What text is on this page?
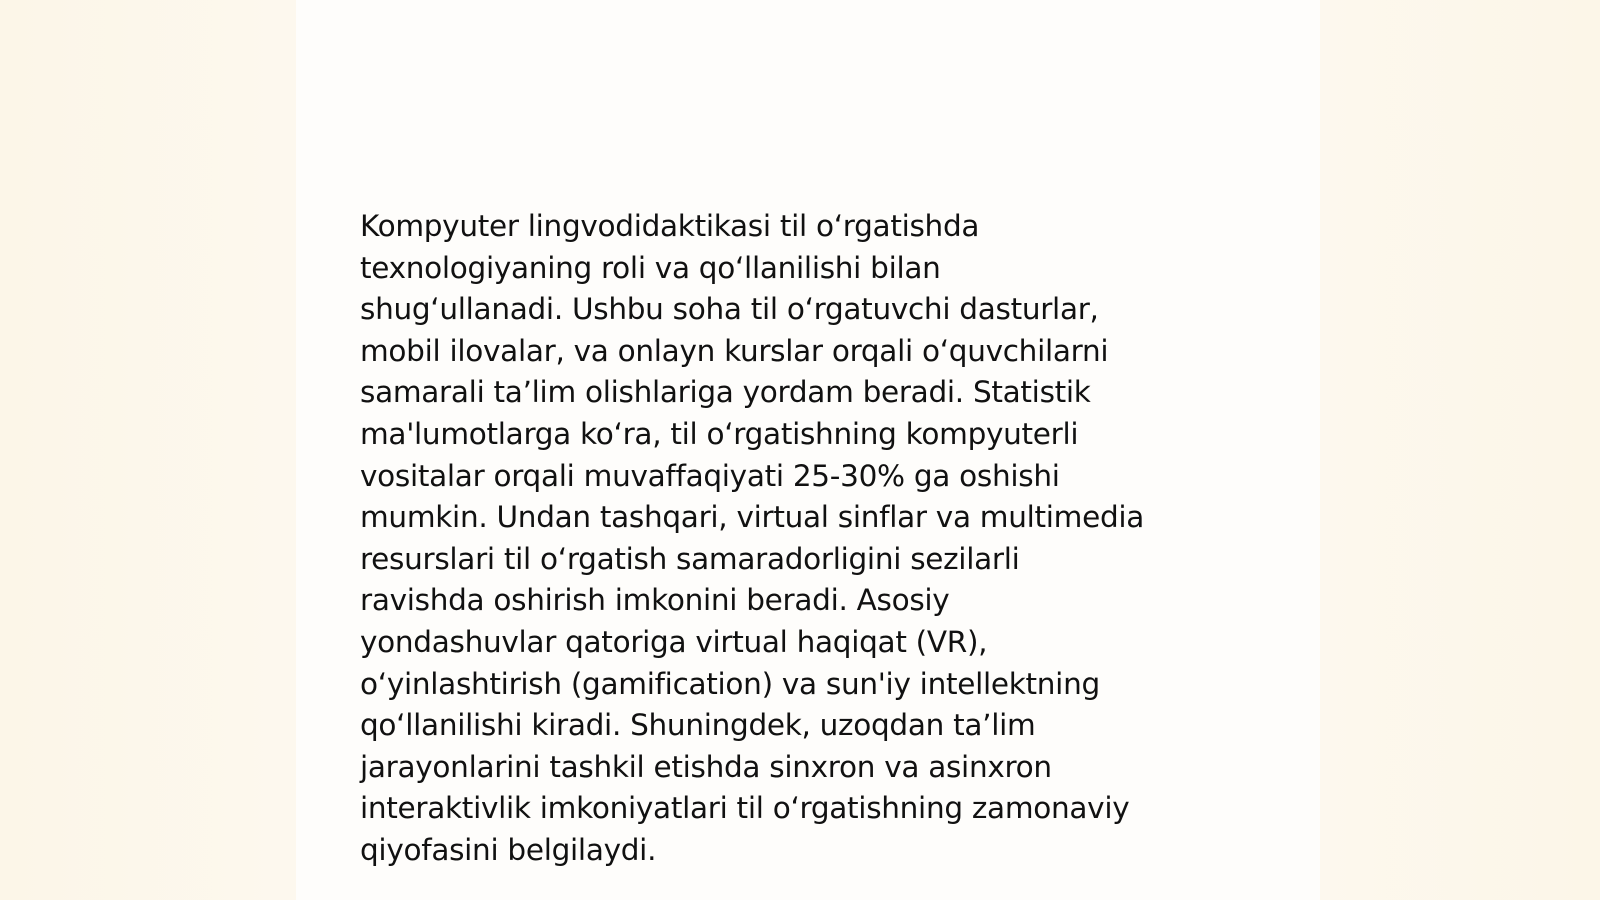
Kompyuter lingvodidaktikasi til o‘rgatishda
texnologiyaning roli va qo‘llanilishi bilan
shug‘ullanadi. Ushbu soha til o‘rgatuvchi dasturlar,
mobil ilovalar, va onlayn kurslar orqali o‘quvchilarni
samarali ta’lim olishlariga yordam beradi. Statistik
ma'lumotlarga ko‘ra, til o‘rgatishning kompyuterli
vositalar orqali muvaffaqiyati 25-30% ga oshishi
mumkin. Undan tashqari, virtual sinflar va multimedia
resurslari til o‘rgatish samaradorligini sezilarli
ravishda oshirish imkonini beradi. Asosiy
yondashuvlar qatoriga virtual haqiqat (VR),
o‘yinlashtirish (gamification) va sun'iy intellektning
qo‘llanilishi kiradi. Shuningdek, uzoqdan ta’lim
jarayonlarini tashkil etishda sinxron va asinxron
interaktivlik imkoniyatlari til o‘rgatishning zamonaviy
qiyofasini belgilaydi.
